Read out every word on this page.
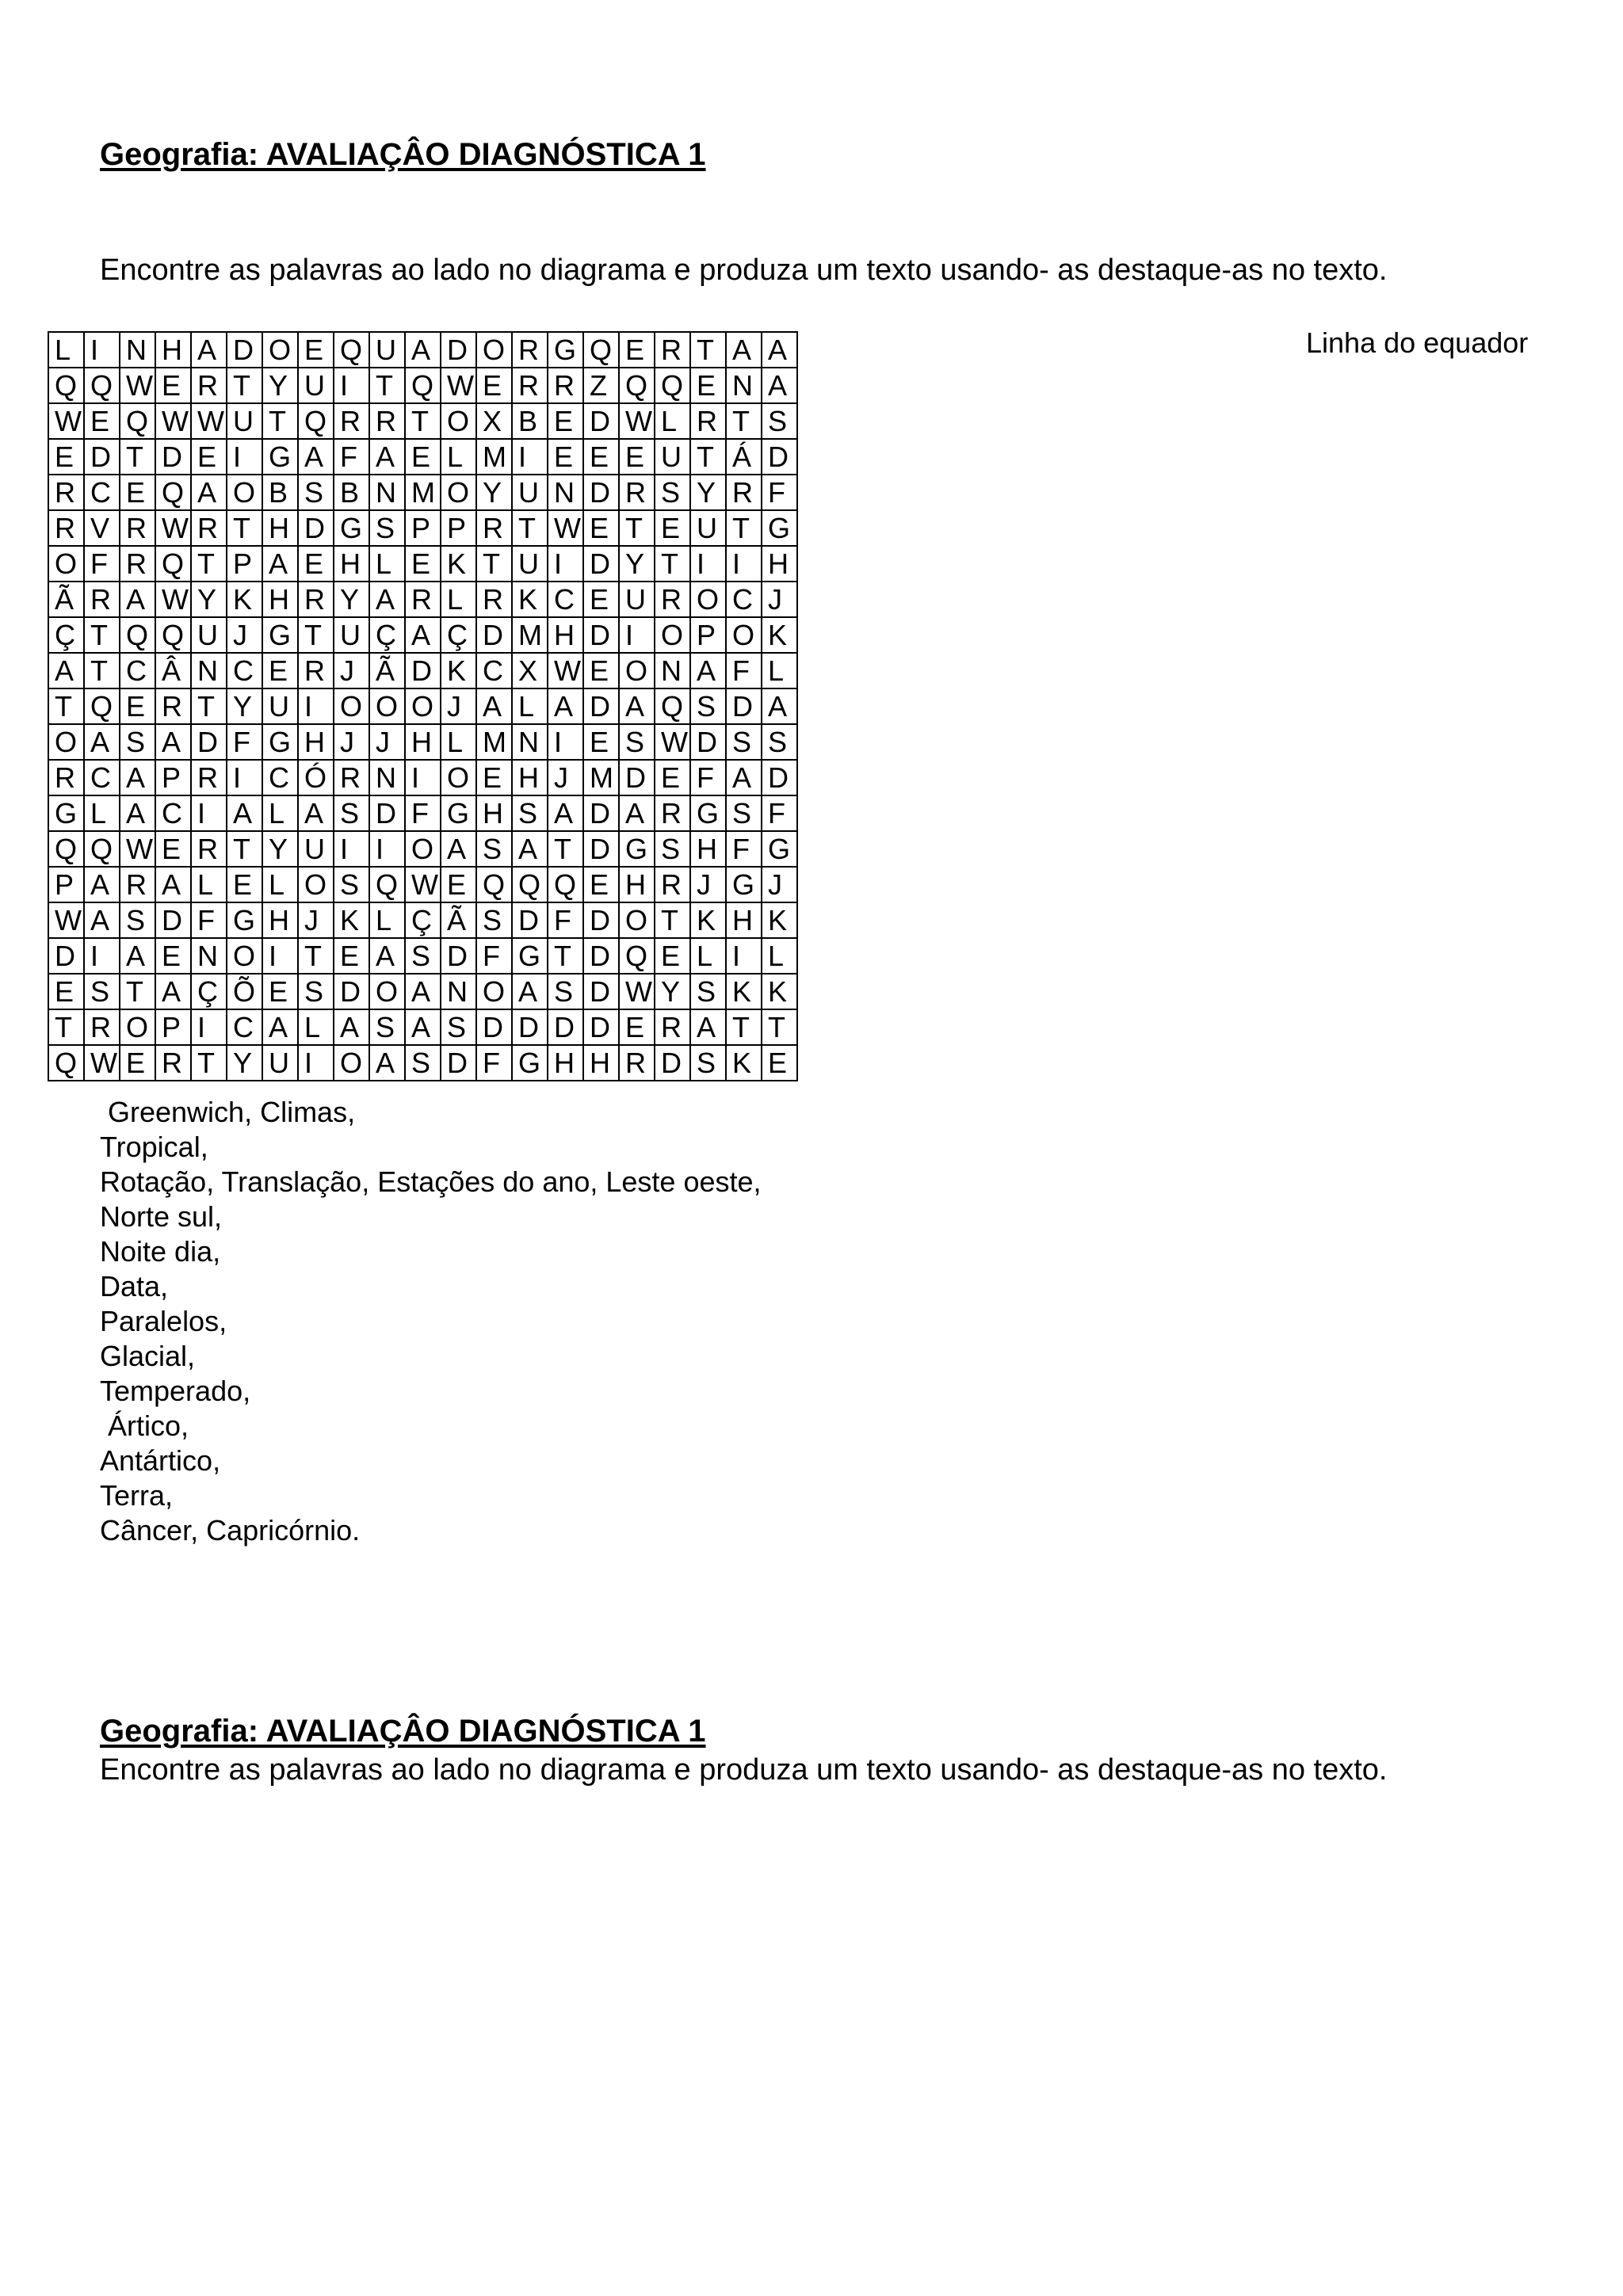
Geografia: AVALIAÇÂO DIAGNÓSTICA 1
Encontre as palavras ao lado no diagrama e produza um texto usando- as destaque-as no texto.
L	I	N	H	A	D	O	E	Q	U	A	D	O	R	G	Q	E	R	T	A	A
Q	Q	W	E	R	T	Y	U	I	T	Q	W	E	R	R	Z	Q	Q	E	N	A
W	E	Q	W	W	U	T	Q	R	R	T	O	X	B	E	D	W	L	R	T	S
E	D	T	D	E	I	G	A	F	A	E	L	M	I	E	E	E	U	T	Á	D
R	C	E	Q	A	O	B	S	B	N	M	O	Y	U	N	D	R	S	Y	R	F
R	V	R	W	R	T	H	D	G	S	P	P	R	T	W	E	T	E	U	T	G
O	F	R	Q	T	P	A	E	H	L	E	K	T	U	I	D	Y	T	I	I	H
Ã	R	A	W	Y	K	H	R	Y	A	R	L	R	K	C	E	U	R	O	C	J
Ç	T	Q	Q	U	J	G	T	U	Ç	A	Ç	D	M	H	D	I	O	P	O	K
A	T	C	Â	N	C	E	R	J	Ã	D	K	C	X	W	E	O	N	A	F	L
T	Q	E	R	T	Y	U	I	O	O	O	J	A	L	A	D	A	Q	S	D	A
O	A	S	A	D	F	G	H	J	J	H	L	M	N	I	E	S	W	D	S	S
R	C	A	P	R	I	C	Ó	R	N	I	O	E	H	J	M	D	E	F	A	D
G	L	A	C	I	A	L	A	S	D	F	G	H	S	A	D	A	R	G	S	F
Q	Q	W	E	R	T	Y	U	I	I	O	A	S	A	T	D	G	S	H	F	G
P	A	R	A	L	E	L	O	S	Q	W	E	Q	Q	Q	E	H	R	J	G	J
W	A	S	D	F	G	H	J	K	L	Ç	Ã	S	D	F	D	O	T	K	H	K
D	I	A	E	N	O	I	T	E	A	S	D	F	G	T	D	Q	E	L	I	L
E	S	T	A	Ç	Õ	E	S	D	O	A	N	O	A	S	D	W	Y	S	K	K
T	R	O	P	I	C	A	L	A	S	A	S	D	D	D	D	E	R	A	T	T
Q	W	E	R	T	Y	U	I	O	A	S	D	F	G	H	H	R	D	S	K	E
Linha do equador
Greenwich, Climas,
Tropical,
Rotação, Translação, Estações do ano, Leste oeste,
Norte sul,
Noite dia,
Data,
Paralelos,
Glacial,
Temperado,
Ártico,
Antártico,
Terra,
Câncer, Capricórnio.
Geografia: AVALIAÇÂO DIAGNÓSTICA 1
Encontre as palavras ao lado no diagrama e produza um texto usando- as destaque-as no texto.
